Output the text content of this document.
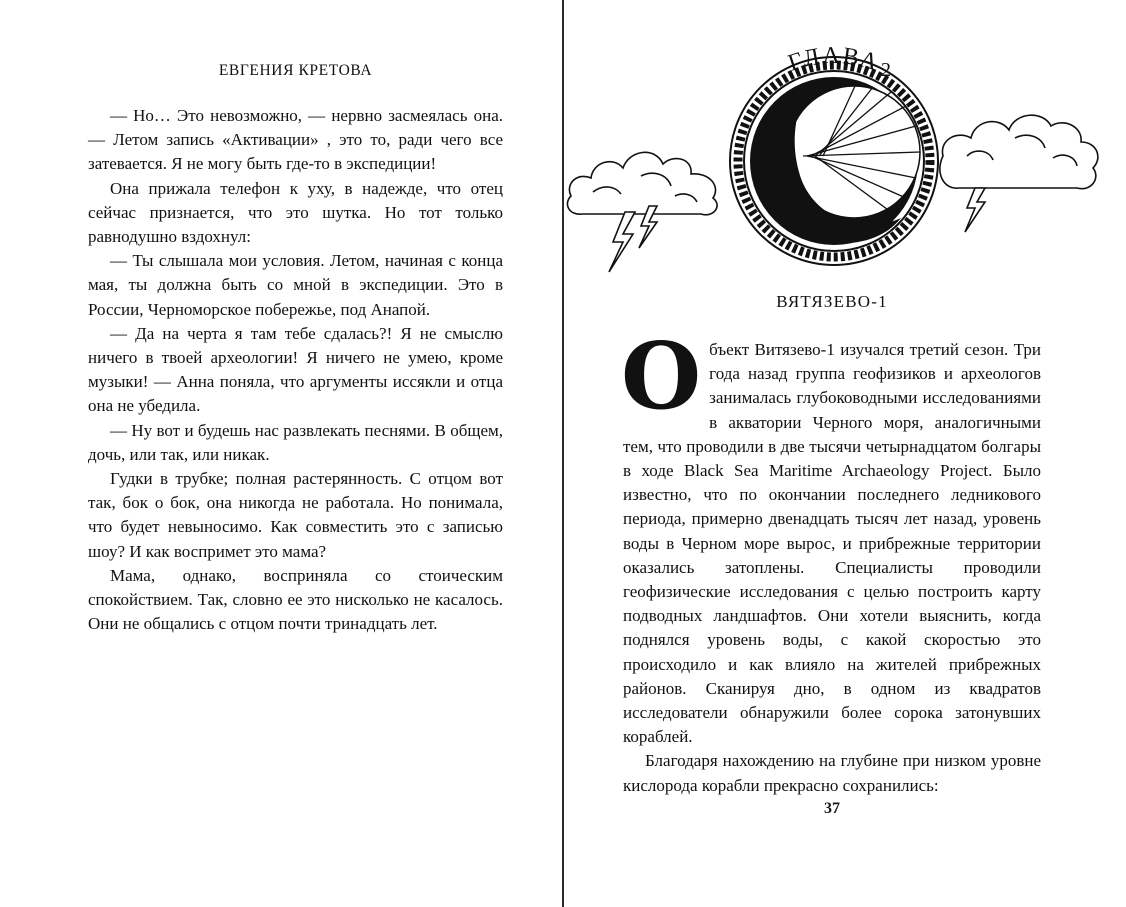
ЕВГЕНИЯ КРЕТОВА

— Но… Это невозможно, — нервно засмеялась она. — Летом запись «Активации» , это то, ради чего все затевается. Я не могу быть где-то в экспедиции!

Она прижала телефон к уху, в надежде, что отец сейчас признается, что это шутка. Но тот только равнодушно вздохнул:

— Ты слышала мои условия. Летом, начиная с конца мая, ты должна быть со мной в экспедиции. Это в России, Черноморское побережье, под Анапой.

— Да на черта я там тебе сдалась?! Я не смыслю ничего в твоей археологии! Я ничего не умею, кроме музыки! — Анна поняла, что аргументы иссякли и отца она не убедила.

— Ну вот и будешь нас развлекать песнями. В общем, дочь, или так, или никак.

Гудки в трубке; полная растерянность. С отцом вот так, бок о бок, она никогда не работала. Но понимала, что будет невыносимо. Как совместить это с записью шоу? И как воспримет это мама?

Мама, однако, восприняла со стоическим спокойствием. Так, словно ее это нисколько не касалось. Они не общались с отцом почти тринадцать лет.

ГЛАВА
2
ВЯТЯЗЕВО-1

О бъект Витязево-1 изучался третий сезон. Три года назад группа геофизиков и археологов занималась глубоководными исследованиями в акватории Черного моря, аналогичными тем, что проводили в две тысячи четырнадцатом болгары в ходе Black Sea Maritime Archaeology Project. Было известно, что по окончании последнего ледникового периода, примерно двенадцать тысяч лет назад, уровень воды в Черном море вырос, и прибрежные территории оказались затоплены. Специалисты проводили геофизические исследования с целью построить карту подводных ландшафтов. Они хотели выяснить, когда поднялся уровень воды, с какой скоростью это происходило и как влияло на жителей прибрежных районов. Сканируя дно, в одном из квадратов исследователи обнаружили более сорока затонувших кораблей.

Благодаря нахождению на глубине при низком уровне кислорода корабли прекрасно сохранились:

37
